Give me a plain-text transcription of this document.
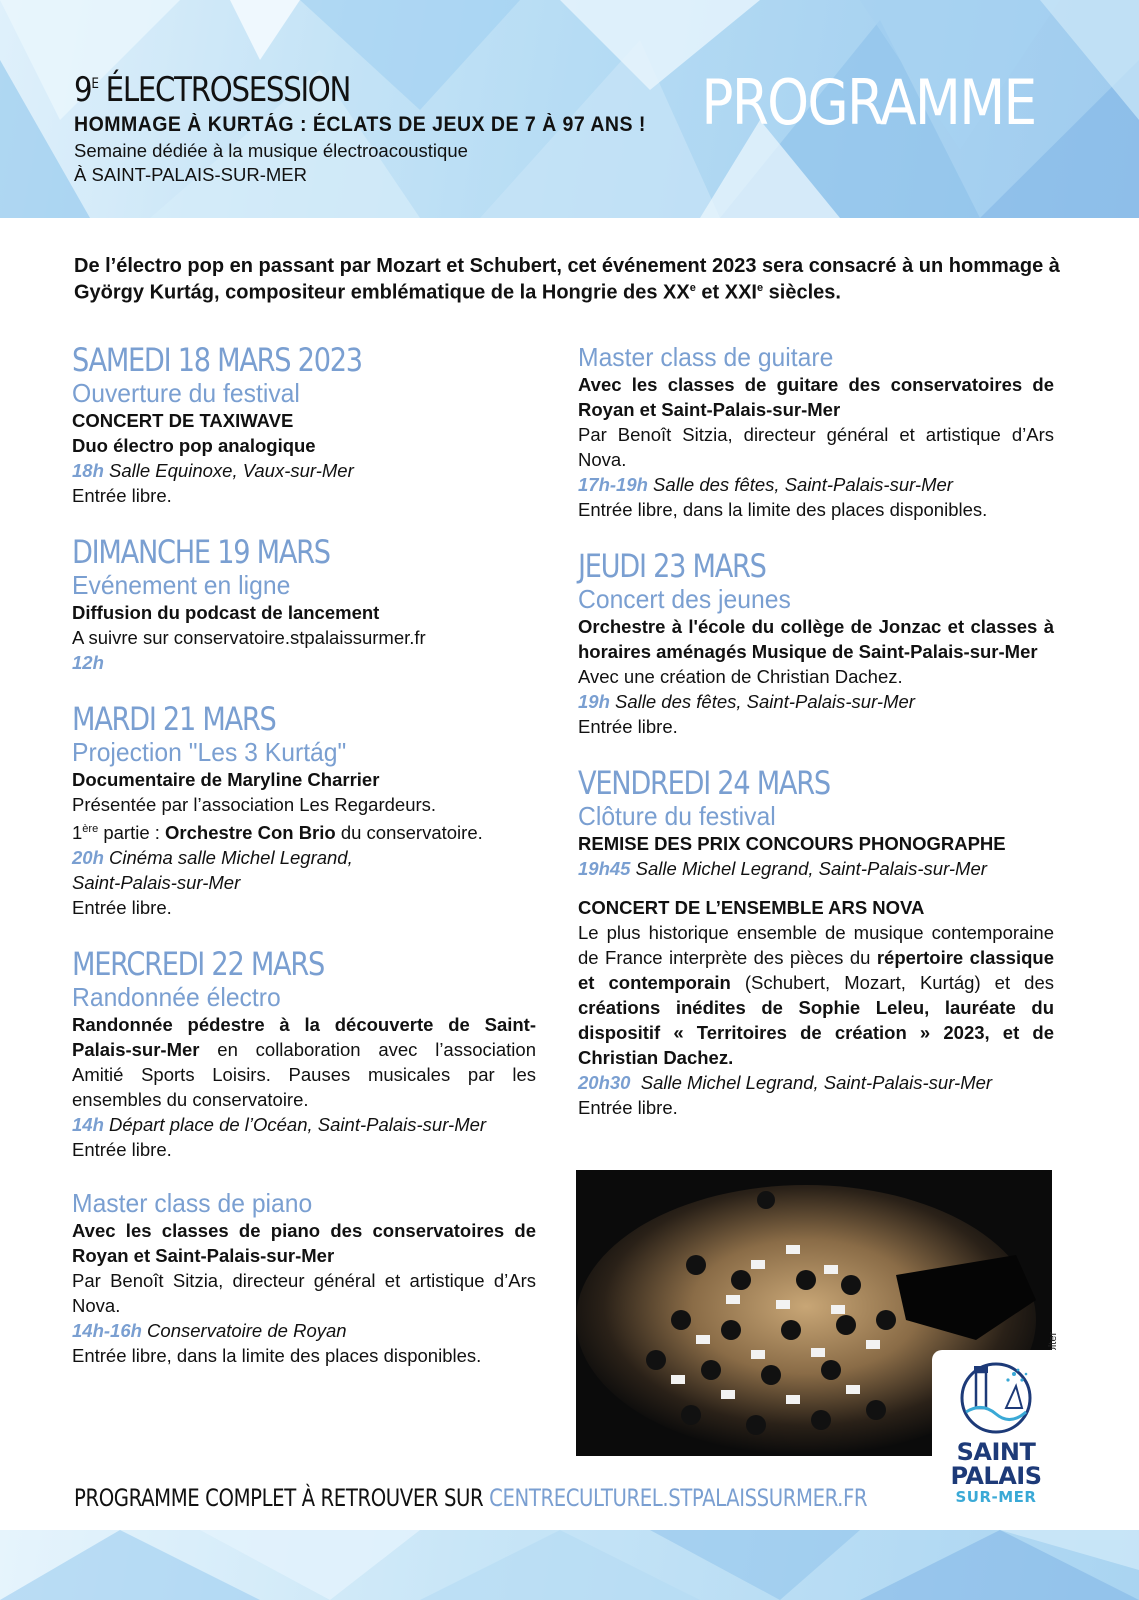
$9^E$ ÉLECTROSESSION
HOMMAGE À KURTÁG : ÉCLATS DE JEUX DE 7 À 97 ANS !
Semaine dédiée à la musique électroacoustique
À SAINT-PALAIS-SUR-MER
PROGRAMME
De l’électro pop en passant par Mozart et Schubert, cet événement 2023 sera consacré à un hommage à György Kurtág, compositeur emblématique de la Hongrie des XXe et XXIe siècles.

SAMEDI 18 MARS 2023

Ouverture du festival

CONCERT DE TAXIWAVE

Duo électro pop analogique

18h Salle Equinoxe, Vaux-sur-Mer

Entrée libre.

DIMANCHE 19 MARS

Evénement en ligne

Diffusion du podcast de lancement

A suivre sur conservatoire.stpalaissurmer.fr

12h

MARDI 21 MARS

Projection "Les 3 Kurtág"

Documentaire de Maryline Charrier

Présentée par l’association Les Regardeurs.

1ère partie : Orchestre Con Brio du conservatoire.

20h Cinéma salle Michel Legrand,

Saint-Palais-sur-Mer

Entrée libre.

MERCREDI 22 MARS

Randonnée électro

Randonnée pédestre à la découverte de Saint-Palais-sur-Mer en collaboration avec l’association Amitié Sports Loisirs. Pauses musicales par les ensembles du conservatoire.

14h Départ place de l’Océan, Saint-Palais-sur-Mer

Entrée libre.

Master class de piano

Avec les classes de piano des conservatoires de Royan et Saint-Palais-sur-Mer

Par Benoît Sitzia, directeur général et artistique d’Ars Nova.

14h-16h Conservatoire de Royan

Entrée libre, dans la limite des places disponibles.

Master class de guitare

Avec les classes de guitare des conservatoires de Royan et Saint-Palais-sur-Mer

Par Benoît Sitzia, directeur général et artistique d’Ars Nova.

17h-19h Salle des fêtes, Saint-Palais-sur-Mer

Entrée libre, dans la limite des places disponibles.

JEUDI 23 MARS

Concert des jeunes

Orchestre à l'école du collège de Jonzac et classes à horaires aménagés Musique de Saint-Palais-sur-Mer

Avec une création de Christian Dachez.

19h Salle des fêtes, Saint-Palais-sur-Mer

Entrée libre.

VENDREDI 24 MARS

Clôture du festival

REMISE DES PRIX CONCOURS PHONOGRAPHE

19h45 Salle Michel Legrand, Saint-Palais-sur-Mer

CONCERT DE L’ENSEMBLE ARS NOVA

Le plus historique ensemble de musique contemporaine de France interprète des pièces du répertoire classique et contemporain (Schubert, Mozart, Kurtág) et des créations inédites de Sophie Leleu, lauréate du dispositif « Territoires de création » 2023, et de Christian Dachez.

20h30  Salle Michel Legrand, Saint-Palais-sur-Mer

Entrée libre.

SAINT
PALAIS
SUR-MER
PROGRAMME COMPLET À RETROUVER SUR CENTRECULTUREL.STPALAISSURMER.FR
